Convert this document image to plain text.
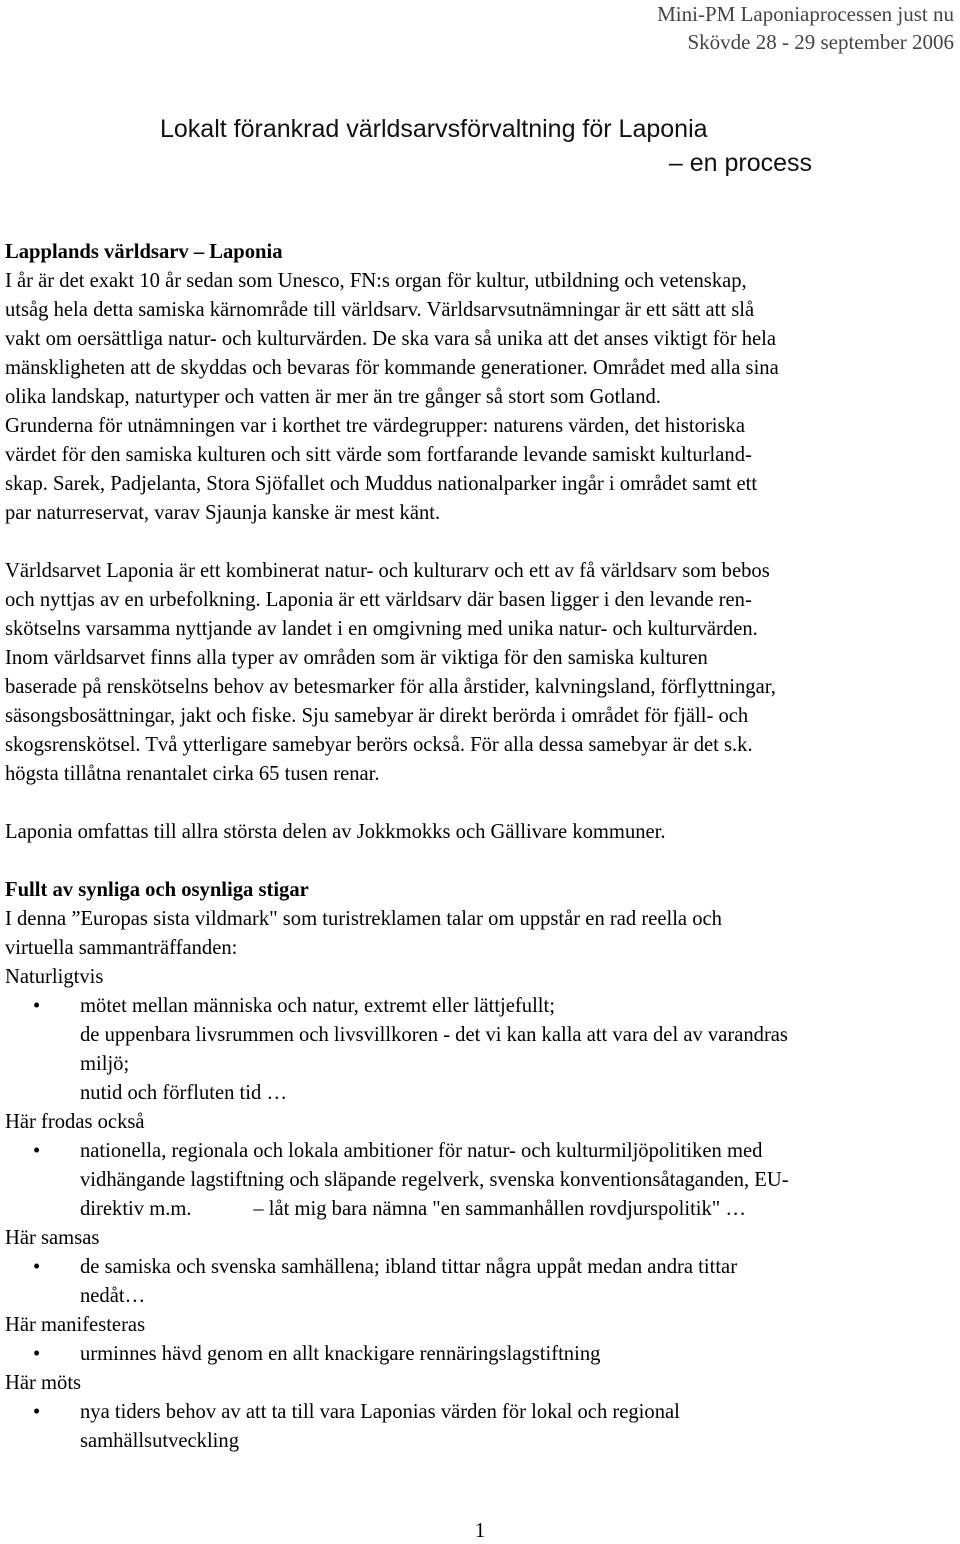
Mini-PM Laponiaprocessen just nu
Skövde 28 - 29 september 2006
Lokalt förankrad världsarvsförvaltning för Laponia
– en process

Lapplands världsarv – Laponia

I år är det exakt 10 år sedan som Unesco, FN:s organ för kultur, utbildning och vetenskap,

utsåg hela detta samiska kärnområde till världsarv. Världsarvsutnämningar är ett sätt att slå

vakt om oersättliga natur- och kulturvärden. De ska vara så unika att det anses viktigt för hela

mänskligheten att de skyddas och bevaras för kommande generationer. Området med alla sina

olika landskap, naturtyper och vatten är mer än tre gånger så stort som Gotland.

Grunderna för utnämningen var i korthet tre värdegrupper: naturens värden, det historiska

värdet för den samiska kulturen och sitt värde som fortfarande levande samiskt kulturland-

skap. Sarek, Padjelanta, Stora Sjöfallet och Muddus nationalparker ingår i området samt ett

par naturreservat, varav Sjaunja kanske är mest känt.

Världsarvet Laponia är ett kombinerat natur- och kulturarv och ett av få världsarv som bebos

och nyttjas av en urbefolkning. Laponia är ett världsarv där basen ligger i den levande ren-

skötselns varsamma nyttjande av landet i en omgivning med unika natur- och kulturvärden.

Inom världsarvet finns alla typer av områden som är viktiga för den samiska kulturen

baserade på renskötselns behov av betesmarker för alla årstider, kalvningsland, förflyttningar,

säsongsbosättningar, jakt och fiske. Sju samebyar är direkt berörda i området för fjäll- och

skogsrenskötsel. Två ytterligare samebyar berörs också. För alla dessa samebyar är det s.k.

högsta tillåtna renantalet cirka 65 tusen renar.

Laponia omfattas till allra största delen av Jokkmokks och Gällivare kommuner.

Fullt av synliga och osynliga stigar

I denna ”Europas sista vildmark" som turistreklamen talar om uppstår en rad reella och

virtuella sammanträffanden:

Naturligtvis

• mötet mellan människa och natur, extremt eller lättjefullt;
de uppenbara livsrummen och livsvillkoren - det vi kan kalla att vara del av varandras
miljö;
nutid och förfluten tid …

Här frodas också

• nationella, regionala och lokala ambitioner för natur- och kulturmiljöpolitiken med
vidhängande lagstiftning och släpande regelverk, svenska konventionsåtaganden, EU-
direktiv m.m.            – låt mig bara nämna "en sammanhållen rovdjurspolitik" …

Här samsas

• de samiska och svenska samhällena; ibland tittar några uppåt medan andra tittar
nedåt…

Här manifesteras

• urminnes hävd genom en allt knackigare rennäringslagstiftning

Här möts

• nya tiders behov av att ta till vara Laponias värden för lokal och regional
samhällsutveckling
1
